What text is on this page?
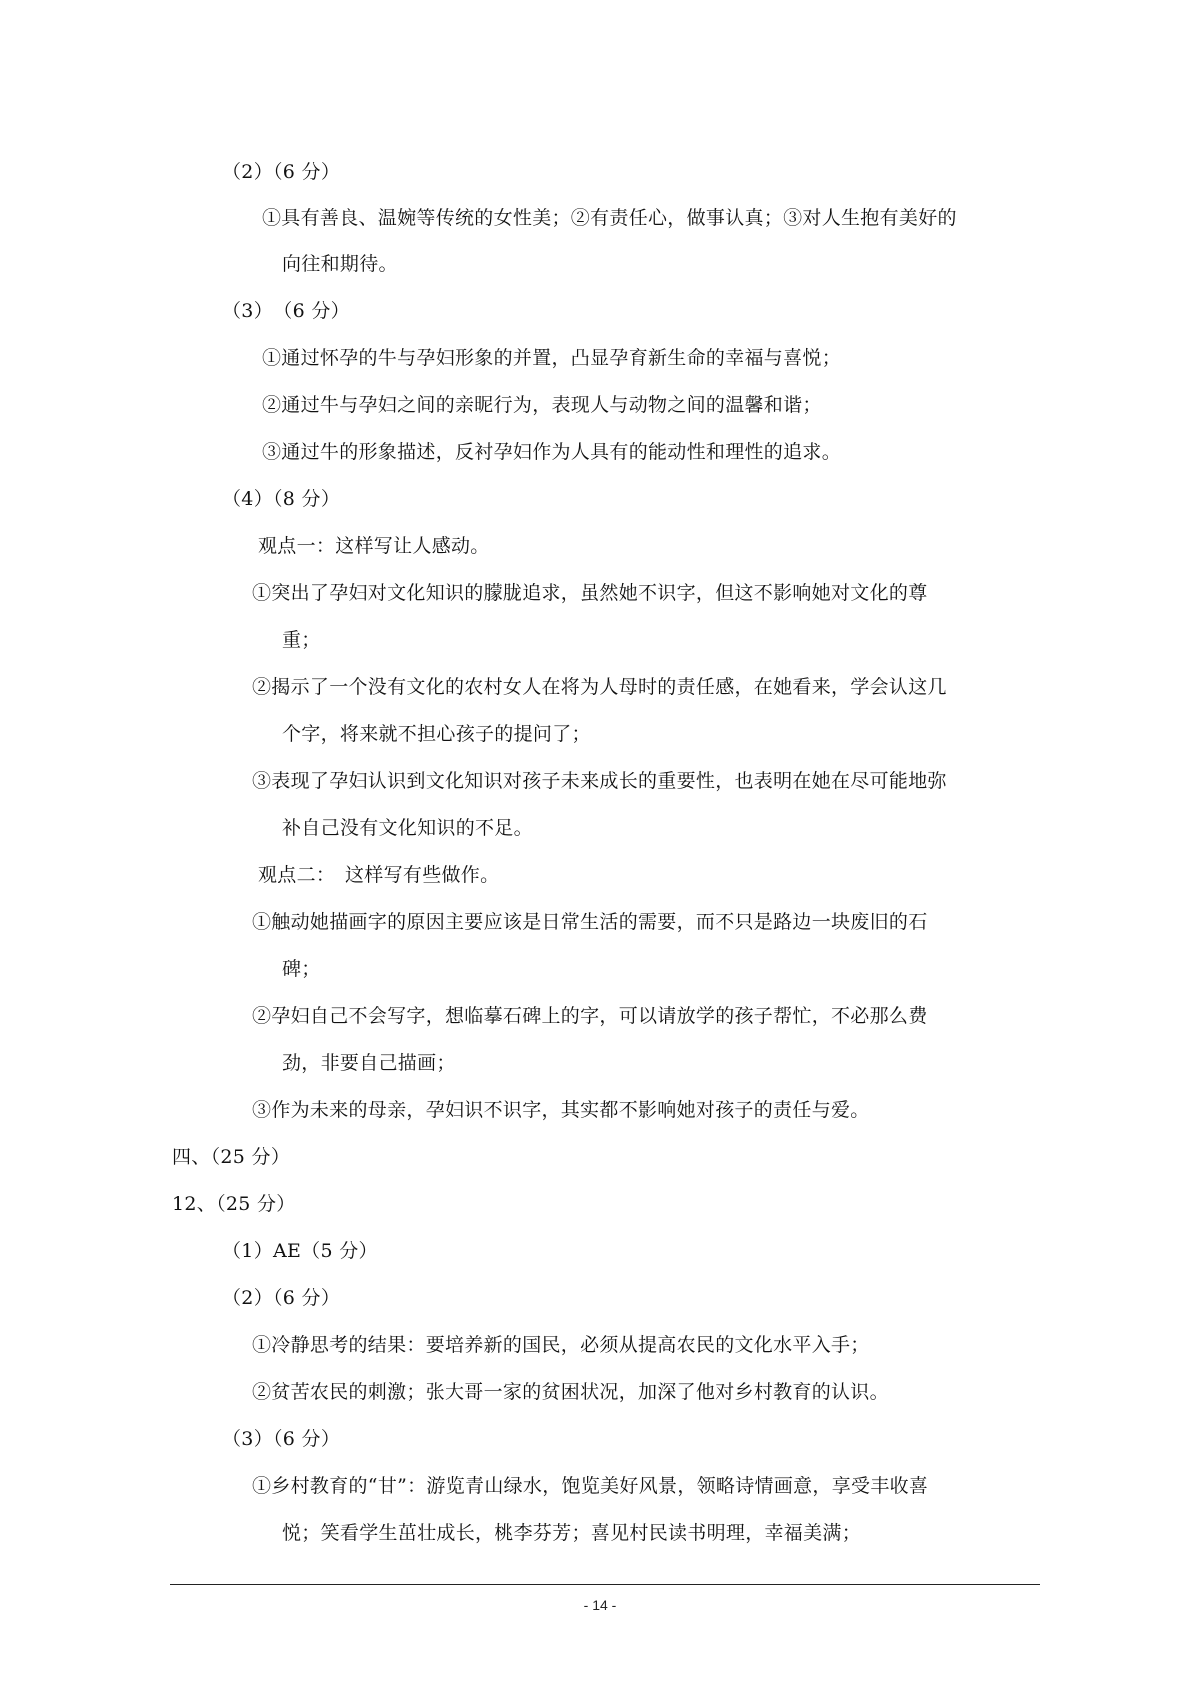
（2）（6 分）
①具有善良、温婉等传统的女性美；②有责任心，做事认真；③对人生抱有美好的
向往和期待。
（3）　（6 分）
①通过怀孕的牛与孕妇形象的并置，凸显孕育新生命的幸福与喜悦；
②通过牛与孕妇之间的亲昵行为，表现人与动物之间的温馨和谐；
③通过牛的形象描述，反衬孕妇作为人具有的能动性和理性的追求。
（4）（8 分）
观点一：这样写让人感动。
①突出了孕妇对文化知识的朦胧追求，虽然她不识字，但这不影响她对文化的尊
重；
②揭示了一个没有文化的农村女人在将为人母时的责任感，在她看来，学会认这几
个字，将来就不担心孩子的提问了；
③表现了孕妇认识到文化知识对孩子未来成长的重要性，也表明在她在尽可能地弥
补自己没有文化知识的不足。
观点二：　这样写有些做作。
①触动她描画字的原因主要应该是日常生活的需要，而不只是路边一块废旧的石
碑；
②孕妇自己不会写字，想临摹石碑上的字，可以请放学的孩子帮忙，不必那么费
劲，非要自己描画；
③作为未来的母亲，孕妇识不识字，其实都不影响她对孩子的责任与爱。
四、（25 分）
12、（25 分）
（1）AE（5 分）
（2）（6 分）
①冷静思考的结果：要培养新的国民，必须从提高农民的文化水平入手；
②贫苦农民的刺激；张大哥一家的贫困状况，加深了他对乡村教育的认识。
（3）（6 分）
①乡村教育的“甘”：游览青山绿水，饱览美好风景，领略诗情画意，享受丰收喜
悦；笑看学生茁壮成长，桃李芬芳；喜见村民读书明理，幸福美满；
- 14 -
